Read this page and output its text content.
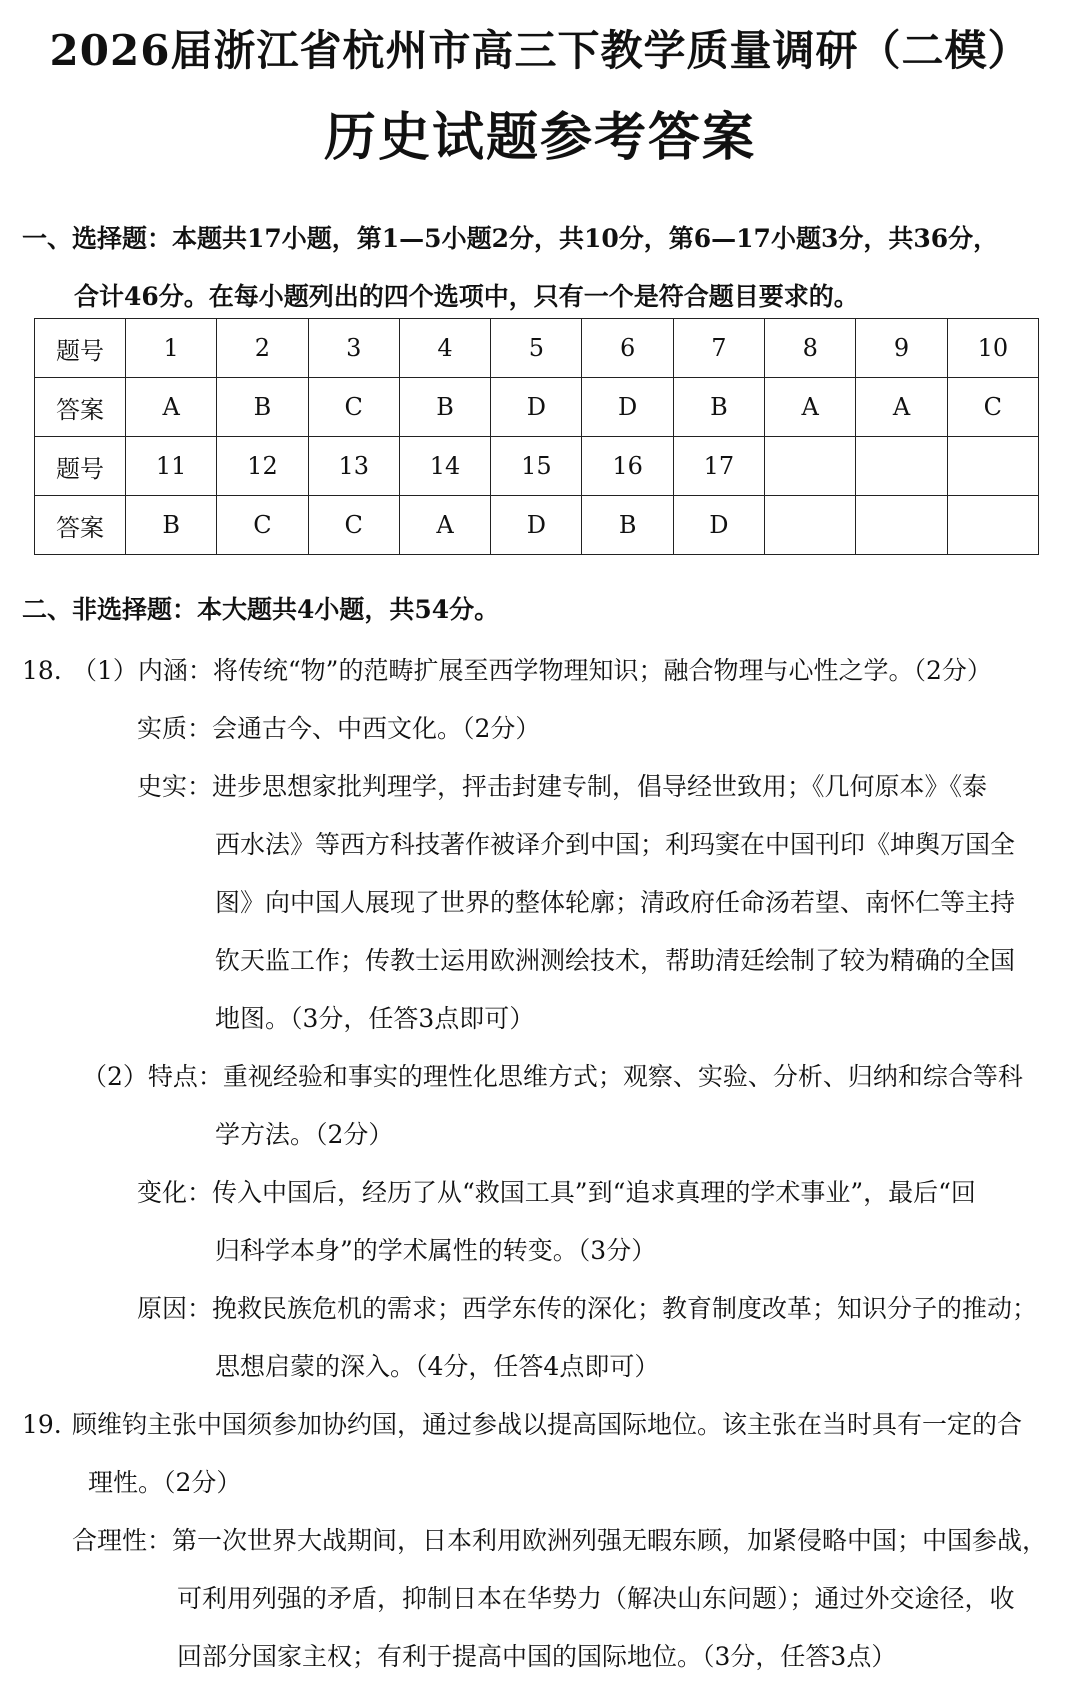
2026届浙江省杭州市高三下教学质量调研（二模）
历史试题参考答案
一、选择题：本题共17小题，第1—5小题2分，共10分，第6—17小题3分，共36分，
合计46分。在每小题列出的四个选项中，只有一个是符合题目要求的。
题号	1	2	3	4	5	6	7	8	9	10
答案	A	B	C	B	D	D	B	A	A	C
题号	11	12	13	14	15	16	17			
答案	B	C	C	A	D	B	D			
二、非选择题：本大题共4小题，共54分。
18. （1）内涵： 将传统“物”的范畴扩展至西学物理知识；融合物理与心性之学。（2分）
实质： 会通古今、中西文化。（2分）
史实： 进步思想家批判理学，抨击封建专制，倡导经世致用；《几何原本》《泰
西水法》等西方科技著作被译介到中国；利玛窦在中国刊印《坤舆万国全
图》向中国人展现了世界的整体轮廓；清政府任命汤若望、南怀仁等主持
钦天监工作；传教士运用欧洲测绘技术，帮助清廷绘制了较为精确的全国
地图。（3分，任答3点即可）
（2）特点： 重视经验和事实的理性化思维方式；观察、实验、分析、归纳和综合等科
学方法。（2分）
变化： 传入中国后，经历了从“救国工具”到“追求真理的学术事业”，最后“回
归科学本身”的学术属性的转变。（3分）
原因： 挽救民族危机的需求；西学东传的深化；教育制度改革；知识分子的推动；
思想启蒙的深入。（4分，任答4点即可）
19. 顾维钧主张中国须参加协约国，通过参战以提高国际地位。该主张在当时具有一定的合
理性。（2分）
合理性： 第一次世界大战期间，日本利用欧洲列强无暇东顾，加紧侵略中国；中国参战，
可利用列强的矛盾，抑制日本在华势力（解决山东问题）；通过外交途径，收
回部分国家主权；有利于提高中国的国际地位。（3分，任答3点）
